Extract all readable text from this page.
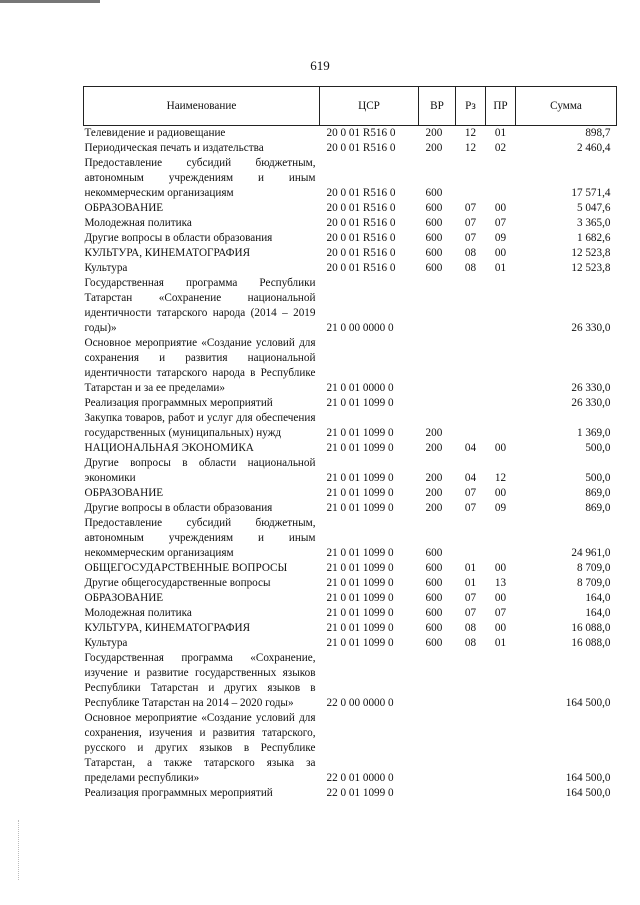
619
Наименование	ЦСР	ВР	Рз	ПР	Сумма
Телевидение и радиовещание	20 0 01 R516 0	200	12	01	898,7
Периодическая печать и издательства	20 0 01 R516 0	200	12	02	2 460,4
Предоставление субсидий бюджетным, автономным учреждениям и иным некоммерческим организациям	20 0 01 R516 0	600			17 571,4
ОБРАЗОВАНИЕ	20 0 01 R516 0	600	07	00	5 047,6
Молодежная политика	20 0 01 R516 0	600	07	07	3 365,0
Другие вопросы в области образования	20 0 01 R516 0	600	07	09	1 682,6
КУЛЬТУРА, КИНЕМАТОГРАФИЯ	20 0 01 R516 0	600	08	00	12 523,8
Культура	20 0 01 R516 0	600	08	01	12 523,8
Государственная программа Республики Татарстан «Сохранение национальной идентичности татарского народа (2014 – 2019 годы)»	21 0 00 0000 0				26 330,0
Основное мероприятие «Создание условий для сохранения и развития национальной идентичности татарского народа в Республике Татарстан и за ее пределами»	21 0 01 0000 0				26 330,0
Реализация программных мероприятий	21 0 01 1099 0				26 330,0
Закупка товаров, работ и услуг для обеспечения государственных (муниципальных) нужд	21 0 01 1099 0	200			1 369,0
НАЦИОНАЛЬНАЯ ЭКОНОМИКА	21 0 01 1099 0	200	04	00	500,0
Другие вопросы в области национальной экономики	21 0 01 1099 0	200	04	12	500,0
ОБРАЗОВАНИЕ	21 0 01 1099 0	200	07	00	869,0
Другие вопросы в области образования	21 0 01 1099 0	200	07	09	869,0
Предоставление субсидий бюджетным, автономным учреждениям и иным некоммерческим организациям	21 0 01 1099 0	600			24 961,0
ОБЩЕГОСУДАРСТВЕННЫЕ ВОПРОСЫ	21 0 01 1099 0	600	01	00	8 709,0
Другие общегосударственные вопросы	21 0 01 1099 0	600	01	13	8 709,0
ОБРАЗОВАНИЕ	21 0 01 1099 0	600	07	00	164,0
Молодежная политика	21 0 01 1099 0	600	07	07	164,0
КУЛЬТУРА, КИНЕМАТОГРАФИЯ	21 0 01 1099 0	600	08	00	16 088,0
Культура	21 0 01 1099 0	600	08	01	16 088,0
Государственная программа «Сохранение, изучение и развитие государственных языков Республики Татарстан и других языков в Республике Татарстан на 2014 – 2020 годы»	22 0 00 0000 0				164 500,0
Основное мероприятие «Создание условий для сохранения, изучения и развития татарского, русского и других языков в Республике Татарстан, а также татарского языка за пределами республики»	22 0 01 0000 0				164 500,0
Реализация программных мероприятий	22 0 01 1099 0				164 500,0
